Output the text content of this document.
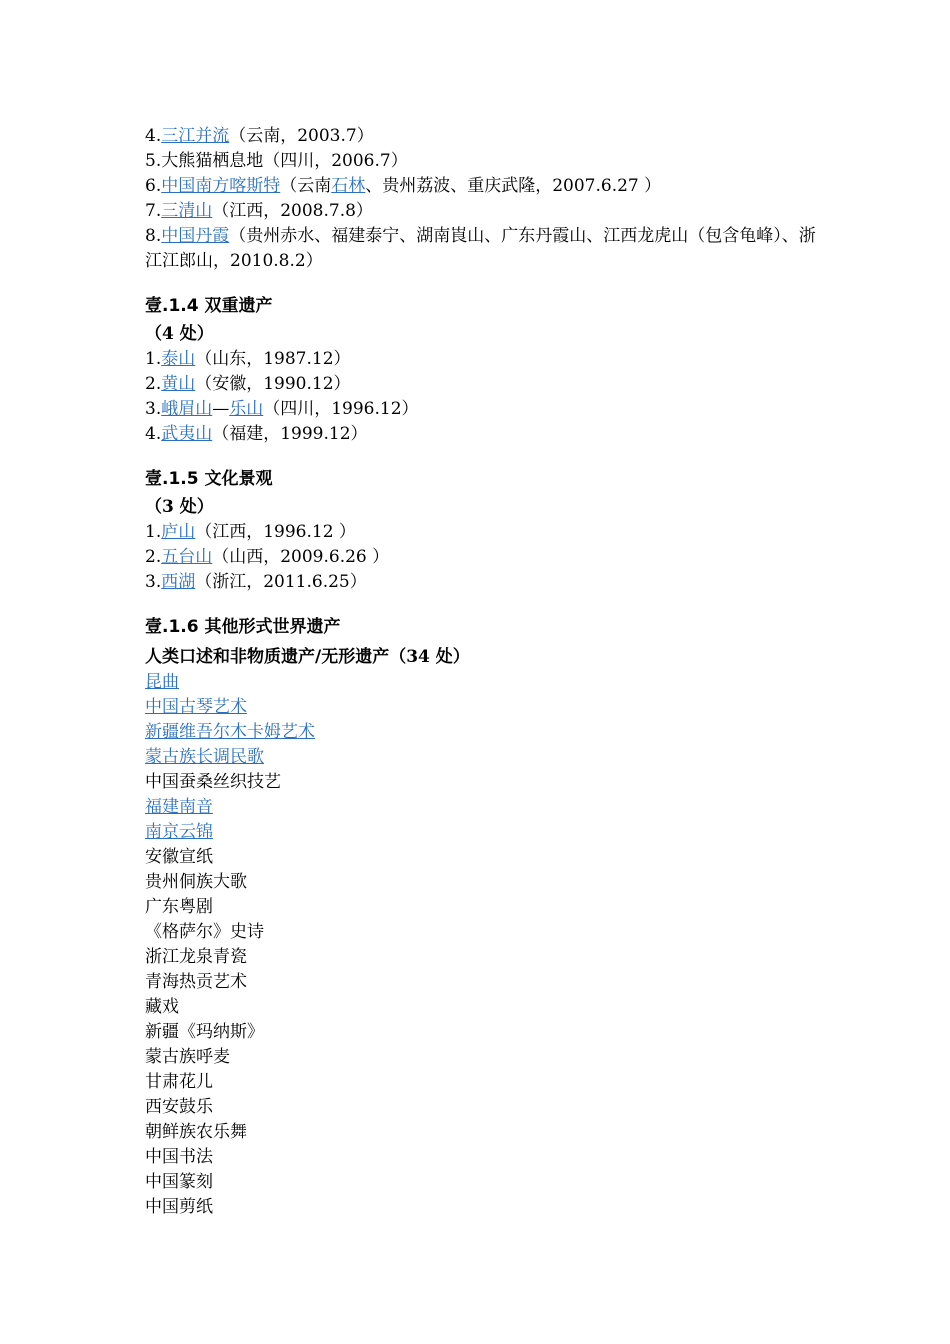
4.三江并流（云南，2003.7）
5.大熊猫栖息地（四川，2006.7）
6.中国南方喀斯特（云南石林、贵州荔波、重庆武隆，2007.6.27 ）
7.三清山（江西，2008.7.8）
8.中国丹霞（贵州赤水、福建泰宁、湖南崀山、广东丹霞山、江西龙虎山（包含龟峰）、浙江江郎山，2010.8.2）
壹.1.4 双重遗产
（4 处）
1.泰山（山东，1987.12）
2.黄山（安徽，1990.12）
3.峨眉山—乐山（四川，1996.12）
4.武夷山（福建，1999.12）
壹.1.5 文化景观
（3 处）
1.庐山（江西，1996.12 ）
2.五台山（山西，2009.6.26 ）
3.西湖（浙江，2011.6.25）
壹.1.6 其他形式世界遗产
人类口述和非物质遗产/无形遗产（34 处）
昆曲
中国古琴艺术
新疆维吾尔木卡姆艺术
蒙古族长调民歌
中国蚕桑丝织技艺
福建南音
南京云锦
安徽宣纸
贵州侗族大歌
广东粤剧
《格萨尔》史诗
浙江龙泉青瓷
青海热贡艺术
藏戏
新疆《玛纳斯》
蒙古族呼麦
甘肃花儿
西安鼓乐
朝鲜族农乐舞
中国书法
中国篆刻
中国剪纸
